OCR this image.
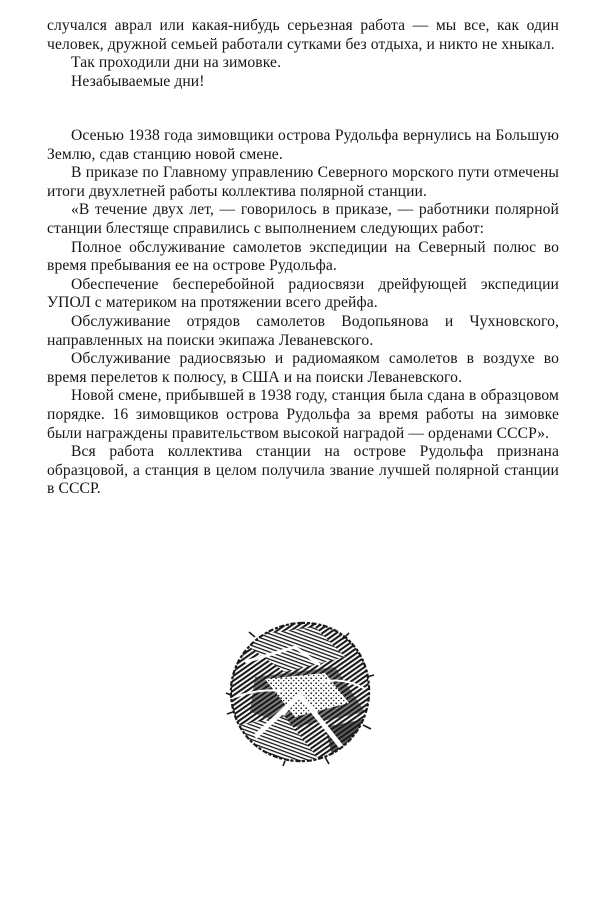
случался аврал или какая-нибудь серьезная работа — мы все, как один человек, дружной семьей работали сутками без отдыха, и никто не хныкал.

Так проходили дни на зимовке.

Незабываемые дни!

Осенью 1938 года зимовщики острова Рудольфа вернулись на Большую Землю, сдав станцию новой смене.

В приказе по Главному управлению Северного морского пути отмечены итоги двухлетней работы коллектива полярной станции.

«В течение двух лет, — говорилось в приказе, — работники полярной станции блестяще справились с выполнением следующих работ:

Полное обслуживание самолетов экспедиции на Северный полюс во время пребывания ее на острове Рудольфа.

Обеспечение бесперебойной радиосвязи дрейфующей экспедиции УПОЛ с материком на протяжении всего дрейфа.

Обслуживание отрядов самолетов Водопьянова и Чухновского, направленных на поиски экипажа Леваневского.

Обслуживание радиосвязью и радиомаяком самолетов в воздухе во время перелетов к полюсу, в США и на поиски Леваневского.

Новой смене, прибывшей в 1938 году, станция была сдана в образцовом порядке. 16 зимовщиков острова Рудольфа за время работы на зимовке были награждены правительством высокой наградой — орденами СССР».

Вся работа коллектива станции на острове Рудольфа признана образцовой, а станция в целом получила звание лучшей полярной станции в СССР.
